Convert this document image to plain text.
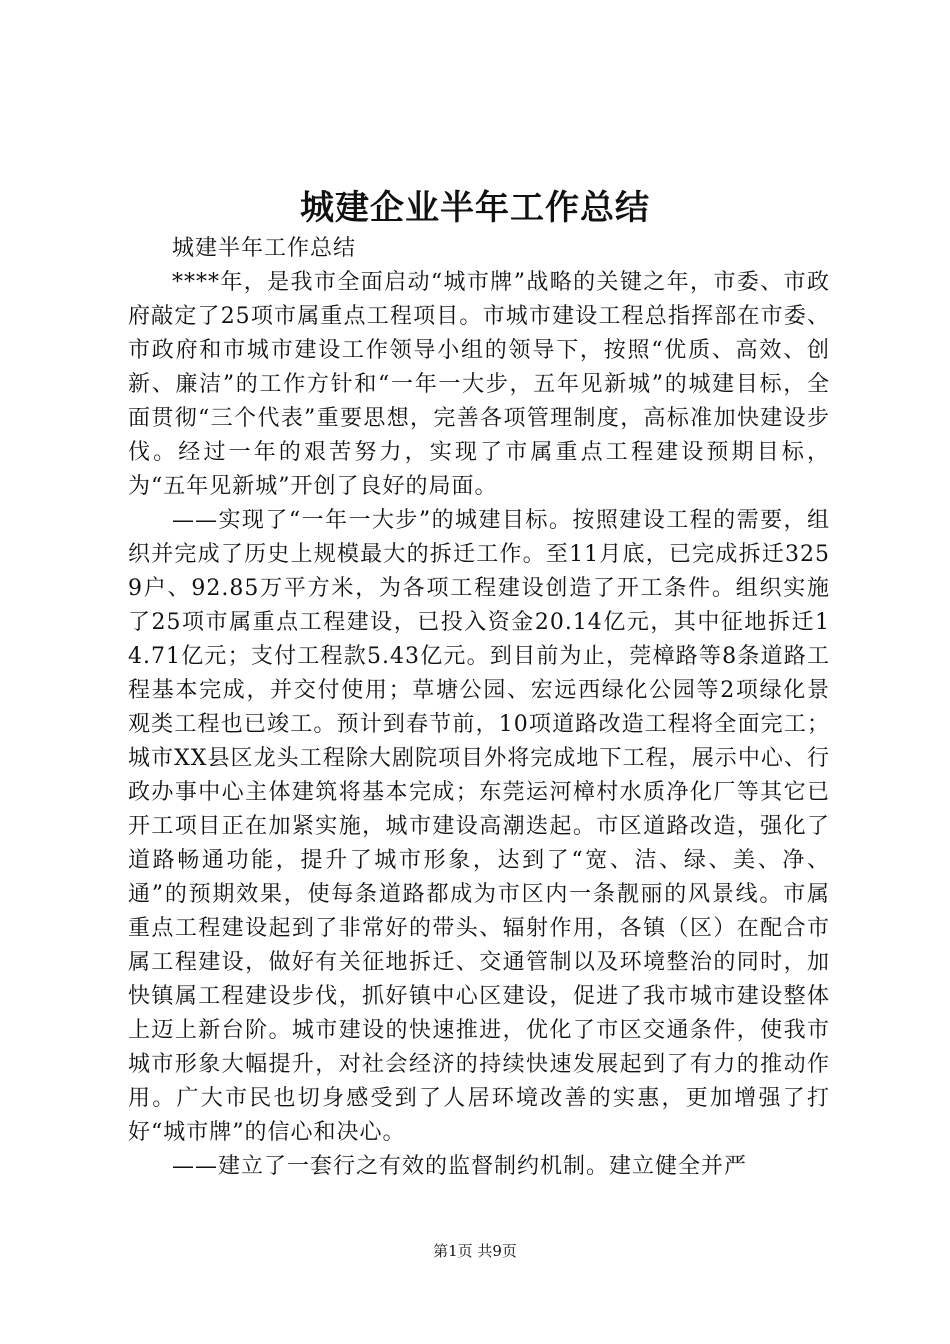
城建企业半年工作总结

城建半年工作总结

****年，是我市全面启动“城市牌”战略的关键之年，市委、市政府敲定了25项市属重点工程项目。市城市建设工程总指挥部在市委、市政府和市城市建设工作领导小组的领导下，按照“优质、高效、创新、廉洁”的工作方针和“一年一大步，五年见新城”的城建目标，全面贯彻“三个代表”重要思想，完善各项管理制度，高标准加快建设步伐。经过一年的艰苦努力，实现了市属重点工程建设预期目标，为“五年见新城”开创了良好的局面。

——实现了“一年一大步”的城建目标。按照建设工程的需要，组织并完成了历史上规模最大的拆迁工作。至11月底，已完成拆迁3259户、92.85万平方米，为各项工程建设创造了开工条件。组织实施了25项市属重点工程建设，已投入资金20.14亿元，其中征地拆迁14.71亿元；支付工程款5.43亿元。到目前为止，莞樟路等8条道路工程基本完成，并交付使用；草塘公园、宏远西绿化公园等2项绿化景观类工程也已竣工。预计到春节前，10项道路改造工程将全面完工；城市XX县区龙头工程除大剧院项目外将完成地下工程，展示中心、行政办事中心主体建筑将基本完成；东莞运河樟村水质净化厂等其它已开工项目正在加紧实施，城市建设高潮迭起。市区道路改造，强化了道路畅通功能，提升了城市形象，达到了“宽、洁、绿、美、净、通”的预期效果，使每条道路都成为市区内一条靓丽的风景线。市属重点工程建设起到了非常好的带头、辐射作用，各镇（区）在配合市属工程建设，做好有关征地拆迁、交通管制以及环境整治的同时，加快镇属工程建设步伐，抓好镇中心区建设，促进了我市城市建设整体上迈上新台阶。城市建设的快速推进，优化了市区交通条件，使我市城市形象大幅提升，对社会经济的持续快速发展起到了有力的推动作用。广大市民也切身感受到了人居环境改善的实惠，更加增强了打好“城市牌”的信心和决心。

——建立了一套行之有效的监督制约机制。建立健全并严

第1页 共9页
